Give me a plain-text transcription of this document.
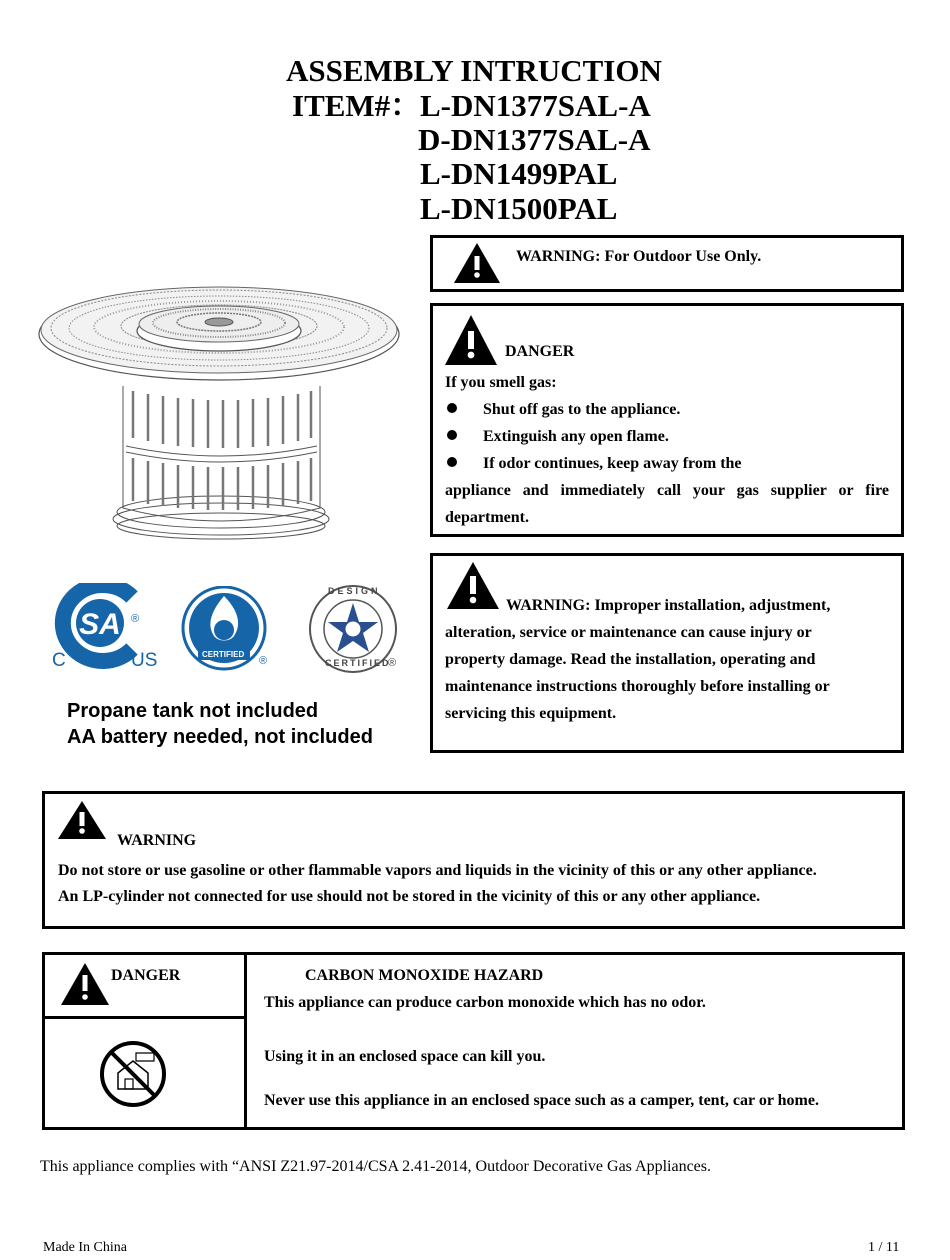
ASSEMBLY INTRUCTION
ITEM#：
L-DN1377SAL-A
D-DN1377SAL-A
L-DN1499PAL
L-DN1500PAL
WARNING: For Outdoor Use Only.
DANGER
If you smell gas:
Shut off gas to the appliance.
Extinguish any open flame.
If odor continues, keep away from the
appliance and immediately call your gas supplier or fire department.
WARNING: Improper installation, adjustment,
alteration, service or maintenance can cause injury or
property damage. Read the installation, operating and
maintenance instructions thoroughly before installing or
servicing this equipment.
SA
C	US
®
CERTIFIED
®
DESIGN
CERTIFIED
®
Propane tank not included
AA battery needed, not included
WARNING
Do not store or use gasoline or other flammable vapors and liquids in the vicinity of this or any other appliance.
An LP-cylinder not connected for use should not be stored in the vicinity of this or any other appliance.
DANGER	CARBON MONOXIDE HAZARD
This appliance can produce carbon monoxide which has no odor.
Using it in an enclosed space can kill you.
Never use this appliance in an enclosed space such as a camper, tent, car or home.
This appliance complies with “ANSI Z21.97-2014/CSA 2.41-2014, Outdoor Decorative Gas Appliances.
Made In China	1 / 11
